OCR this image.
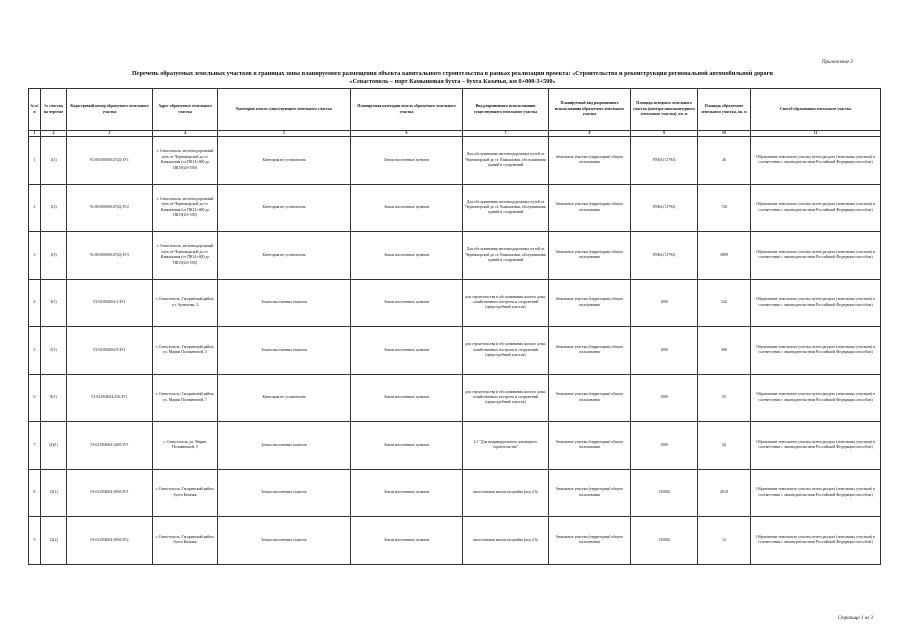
Приложение 2
Перечень образуемых земельных участков в границах зоны планируемого размещения объекта капитального строительства в рамках реализации проекта: «Строительство и реконструкция региональной автомобильной дороги
«Севастополь – порт Камышовая бухта – бухта Казачья, км 0+000-3+500»
№ п/п	№ участка на чертеже	Кадастровый номер образуемого земельного участка	Адрес образуемого земельного участка	Категория земель существующего земельного участка	Планируемая категория земель образуемого земельного участка	Вид разрешенного использования существующего земельного участка	Планируемый вид разрешенного использования образуемого земельного участка	Площадь исходного земельного участка (контура многоконтурного земельного участка), кв. м	Площадь образуемого земельного участка, кв. м	Способ образования земельного участка
1	2	3	4	5	6	7	8	9	10	11
1	1(1)	91:00:000000:47(2):ЗУ1	г. Севастополь, железнодорожный путь от Черноморской до ст. Камышовая (от ПК14+400 до ПК19(20+550)	Категория не установлена	Земли населенных пунктов	Для обслуживания железнодорожных путей от Черноморской до ст. Камышовая, обслуживания зданий и сооружений	Земельные участки (территории) общего пользования	87604 (11794)	26	Образование земельного участка путем раздела (земельных участков) в соответствии с законодательством Российской Федерации способом)
2	1(2)	91:00:000000:47(2):ЗУ2	г. Севастополь, железнодорожный путь от Черноморской до ст. Камышовая (от ПК14+400 до ПК19(20+550)	Категория не установлена	Земли населенных пунктов	Для обслуживания железнодорожных путей от Черноморской до ст. Камышовая, обслуживания зданий и сооружений	Земельные участки (территории) общего пользования	87604 (11794)	720	Образование земельного участка путем раздела (земельных участков) в соответствии с законодательством Российской Федерации способом)
3	1(3)	91:00:000000:47(2):ЗУ3	г. Севастополь, железнодорожный путь от Черноморской до ст. Камышовая (от ПК14+400 до ПК19(20+550)	Категория не установлена	Земли населенных пунктов	Для обслуживания железнодорожных путей от Черноморской до ст. Камышовая, обслуживания зданий и сооружений	Земельные участки (территории) общего пользования	87604 (11794)	3889	Образование земельного участка путем раздела (земельных участков) в соответствии с законодательством Российской Федерации способом)
4	3(1)	91:02:004004:3:ЗУ1	г. Севастополь, Гагаринский район, ул. Артюхова, 3	Земли населенных пунктов	Земли населенных пунктов	для строительства и обслуживания жилого дома, хозяйственных построек и сооружений (приусадебный участок)	Земельные участки (территории) общего пользования	1000	542	Образование земельного участка путем раздела (земельных участков) в соответствии с законодательством Российской Федерации способом)
5	5(1)	91:02:004004:9:ЗУ1	г. Севастополь, Гагаринский район, ул. Марии Поливановой, 3	Земли населенных пунктов	Земли населенных пунктов	для строительства и обслуживания жилого дома, хозяйственных построек и сооружений (приусадебный участок)	Земельные участки (территории) общего пользования	1000	300	Образование земельного участка путем раздела (земельных участков) в соответствии с законодательством Российской Федерации способом)
6	8(1)	91:02:004004:216:ЗУ1	г. Севастополь, Гагаринский район, ул. Марии Поливановой, 7	Категория не установлена	Земли населенных пунктов	для строительства и обслуживания жилого дома, хозяйственных построек и сооружений (приусадебный участок)	Земельные участки (территории) общего пользования	1000	55	Образование земельного участка путем раздела (земельных участков) в соответствии с законодательством Российской Федерации способом)
7	(4)(1)	91:02:004004:1269:ЗУ1	г. Севастополь, ул. Марии Поливановой, 5	Земли населенных пунктов	Земли населенных пунктов	2.1 "Для индивидуального жилищного строительства"	Земельные участки (территории) общего пользования	1000	(4)	Образование земельного участка путем раздела (земельных участков) в соответствии с законодательством Российской Федерации способом)
8	12(1)	91:02:004004:3069:ЗУ1	г. Севастополь, Гагаринский район, бухта Казачья	Земли населенных пунктов	Земли населенных пунктов	малоэтажная жилая застройка (код 2.6)	Земельные участки (территории) общего пользования	135082	2618	Образование земельного участка путем раздела (земельных участков) в соответствии с законодательством Российской Федерации способом)
9	12(2)	91:02:004004:3069:ЗУ2	г. Севастополь, Гагаринский район, бухта Казачья	Земли населенных пунктов	Земли населенных пунктов	малоэтажная жилая застройка (код 2.6)	Земельные участки (территории) общего пользования	135082	12	Образование земельного участка путем раздела (земельных участков) в соответствии с законодательством Российской Федерации способом)
Страница 1 из 3
